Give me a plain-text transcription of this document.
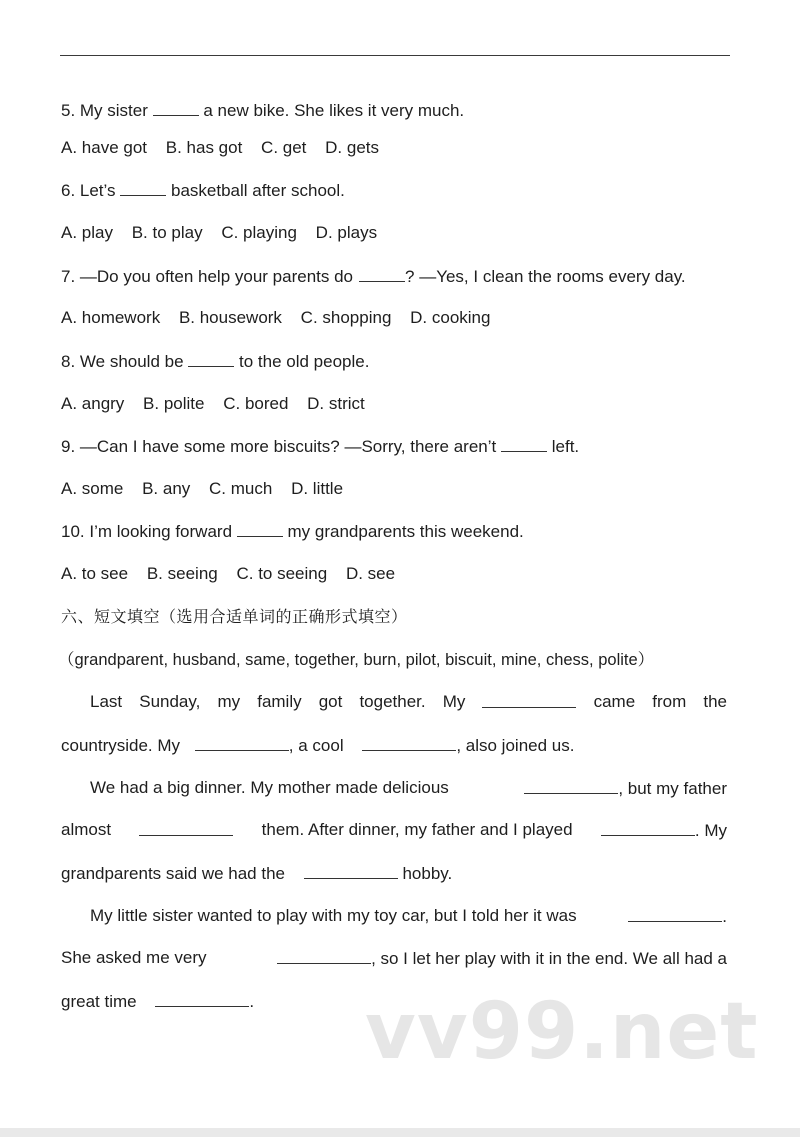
5. My sister	a new bike. She likes it very much.
A. have got B. has got C. get D. gets
6. Let’s	basketball after school.
A. play B. to play C. playing D. plays
7. —Do you often help your parents do	? —Yes, I clean the rooms every day.
A. homework B. housework C. shopping D. cooking
8. We should be	to the old people.
A. angry B. polite C. bored D. strict
9. —Can I have some more biscuits? —Sorry, there aren’t	left.
A. some B. any C. much D. little
10. I’m looking forward	my grandparents this weekend.
A. to see B. seeing C. to seeing D. see
六、短文填空（选用合适单词的正确形式填空）
（grandparent, husband, same, together, burn, pilot, biscuit, mine, chess, polite）
Last Sunday, my family got together. My	came from the
countryside. My	, a cool	, also joined us.
We had a big dinner. My mother made delicious	, but my father
almost	them. After dinner, my father and I played	. My
grandparents said we had the	hobby.
My little sister wanted to play with my toy car, but I told her it was	.
She asked me very	, so I let her play with it in the end. We all had a
great time	. vv99.net
